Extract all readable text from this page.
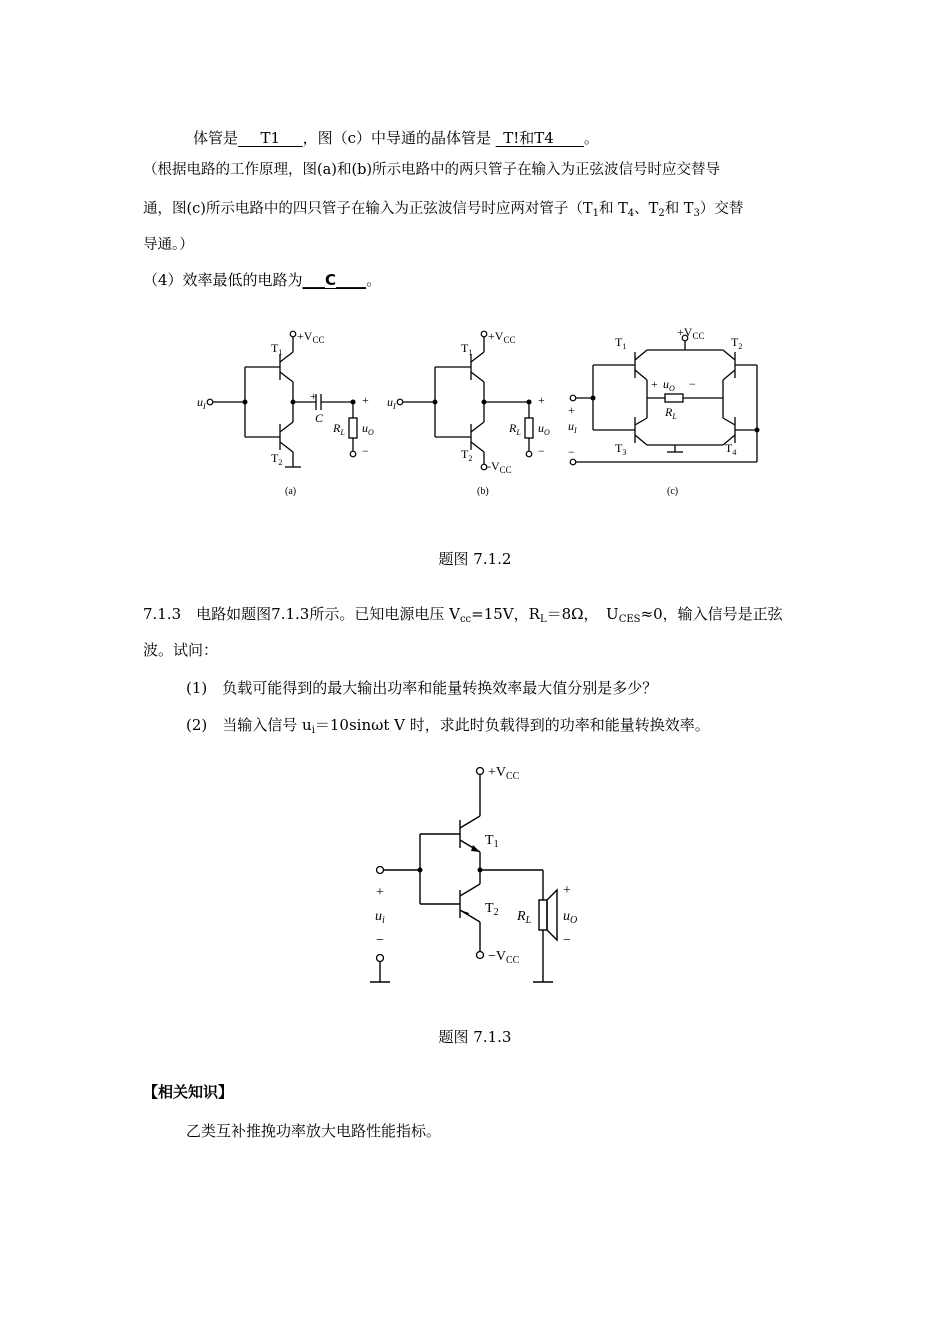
体管是___T1___，图（c）中导通的晶体管是 _T!和T4____。
（根据电路的工作原理，图(a)和(b)所示电路中的两只管子在输入为正弦波信号时应交替导
通，图(c)所示电路中的四只管子在输入为正弦波信号时应两对管子（$T_1$和 $T_4$、$T_2$和 $T_3$）交替
导通。）
（4）效率最低的电路为___C____。
$+V_{CC}$
$T_1$
$T_2$
$u_I$
+
C
$R_L$
+
$u_O$
−
(a)
$+V_{CC}$
$T_1$
$T_2$
$-V_{CC}$
$u_I$
$R_L$
+
$u_O$
−
(b)
$+V_{CC}$
$T_1$	$T_2$
$T_3$	$T_4$
+ $u_O$ −
$R_L$
+
$u_I$
−
(c)
题图 7.1.2
7.1.3　电路如题图7.1.3所示。已知电源电压 $V_{cc}=15V$，$R_L=8\Omega$，　$U_{CES}\approx 0$，输入信号是正弦
波。试问：
(1)　负载可能得到的最大输出功率和能量转换效率最大值分别是多少？
(2)　当输入信号 $u_i=10\sin\omega t$ V 时，求此时负载得到的功率和能量转换效率。
$+V_{CC}$
$T_1$
$T_2$
$-V_{CC}$
+
$u_i$
−
$R_L$
+
$u_O$
−
题图 7.1.3
【相关知识】
乙类互补推挽功率放大电路性能指标。
